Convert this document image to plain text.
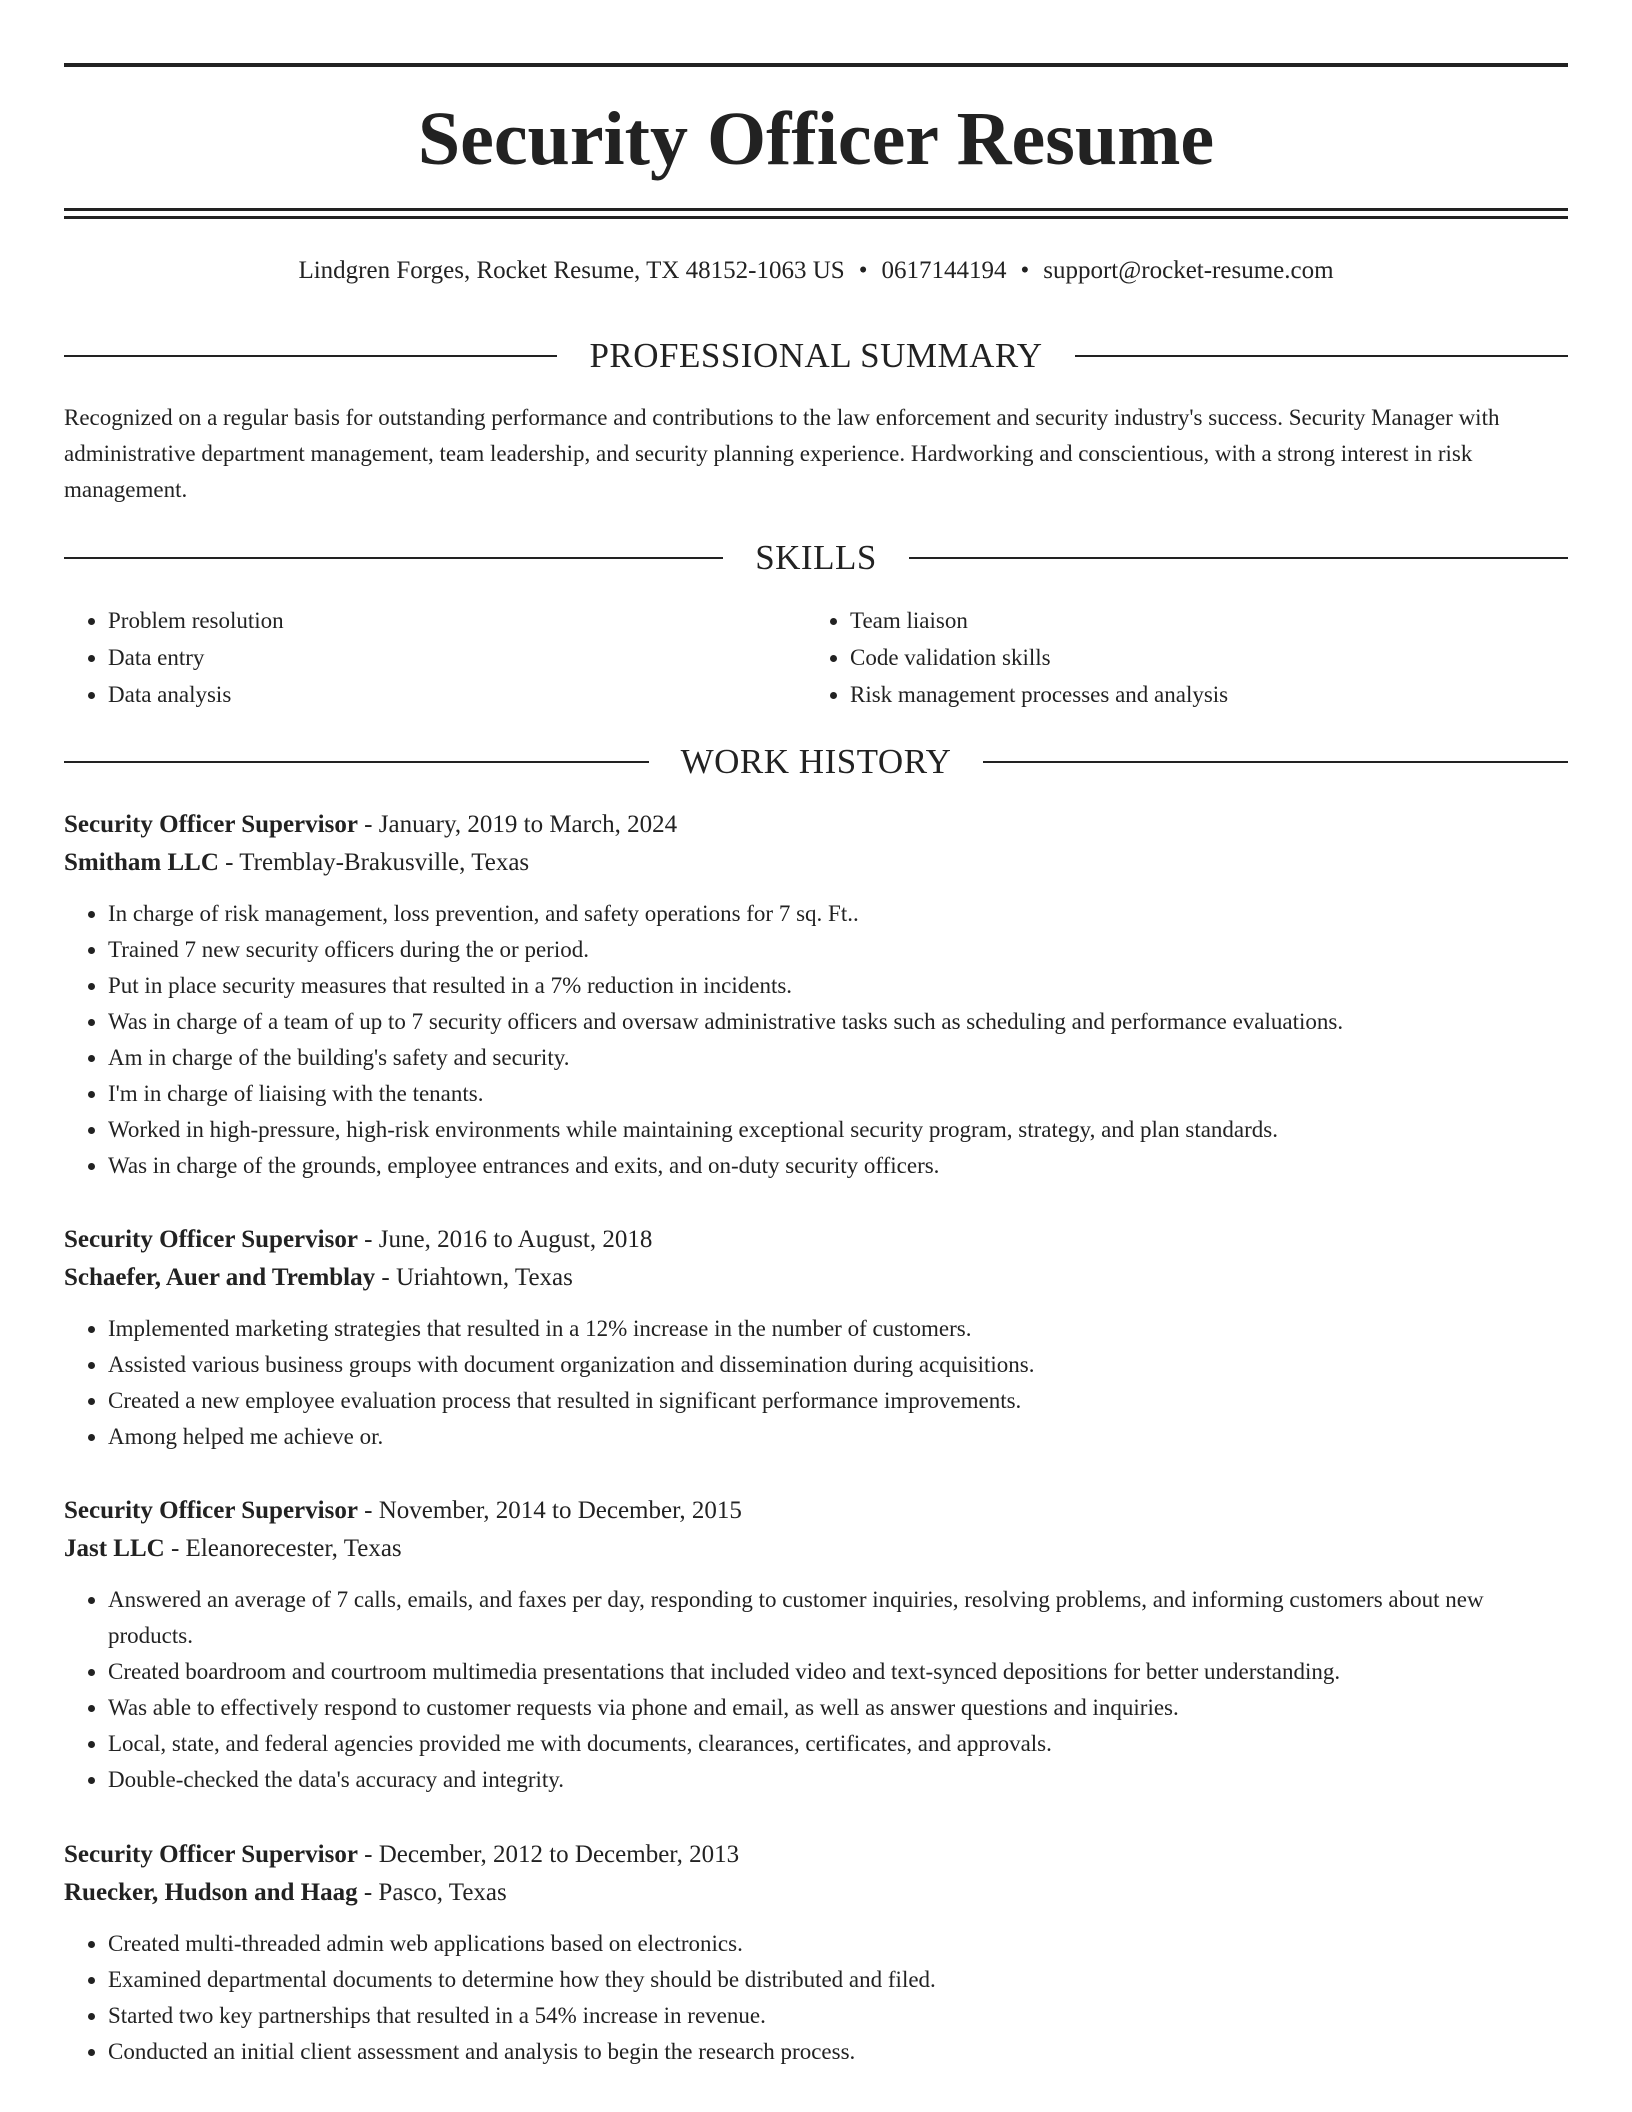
Security Officer Resume
Lindgren Forges, Rocket Resume, TX 48152-1063 US • 0617144194 • support@rocket-resume.com
PROFESSIONAL SUMMARY

Recognized on a regular basis for outstanding performance and contributions to the law enforcement and security industry's success. Security Manager with administrative department management, team leadership, and security planning experience. Hardworking and conscientious, with a strong interest in risk management.

SKILLS
• Problem resolution
• Data entry
• Data analysis
• Team liaison
• Code validation skills
• Risk management processes and analysis
WORK HISTORY
Security Officer Supervisor - January, 2019 to March, 2024
Smitham LLC - Tremblay-Brakusville, Texas
• In charge of risk management, loss prevention, and safety operations for 7 sq. Ft..
• Trained 7 new security officers during the or period.
• Put in place security measures that resulted in a 7% reduction in incidents.
• Was in charge of a team of up to 7 security officers and oversaw administrative tasks such as scheduling and performance evaluations.
• Am in charge of the building's safety and security.
• I'm in charge of liaising with the tenants.
• Worked in high-pressure, high-risk environments while maintaining exceptional security program, strategy, and plan standards.
• Was in charge of the grounds, employee entrances and exits, and on-duty security officers.
Security Officer Supervisor - June, 2016 to August, 2018
Schaefer, Auer and Tremblay - Uriahtown, Texas
• Implemented marketing strategies that resulted in a 12% increase in the number of customers.
• Assisted various business groups with document organization and dissemination during acquisitions.
• Created a new employee evaluation process that resulted in significant performance improvements.
• Among helped me achieve or.
Security Officer Supervisor - November, 2014 to December, 2015
Jast LLC - Eleanorecester, Texas
• Answered an average of 7 calls, emails, and faxes per day, responding to customer inquiries, resolving problems, and informing customers about new products.
• Created boardroom and courtroom multimedia presentations that included video and text-synced depositions for better understanding.
• Was able to effectively respond to customer requests via phone and email, as well as answer questions and inquiries.
• Local, state, and federal agencies provided me with documents, clearances, certificates, and approvals.
• Double-checked the data's accuracy and integrity.
Security Officer Supervisor - December, 2012 to December, 2013
Ruecker, Hudson and Haag - Pasco, Texas
• Created multi-threaded admin web applications based on electronics.
• Examined departmental documents to determine how they should be distributed and filed.
• Started two key partnerships that resulted in a 54% increase in revenue.
• Conducted an initial client assessment and analysis to begin the research process.
